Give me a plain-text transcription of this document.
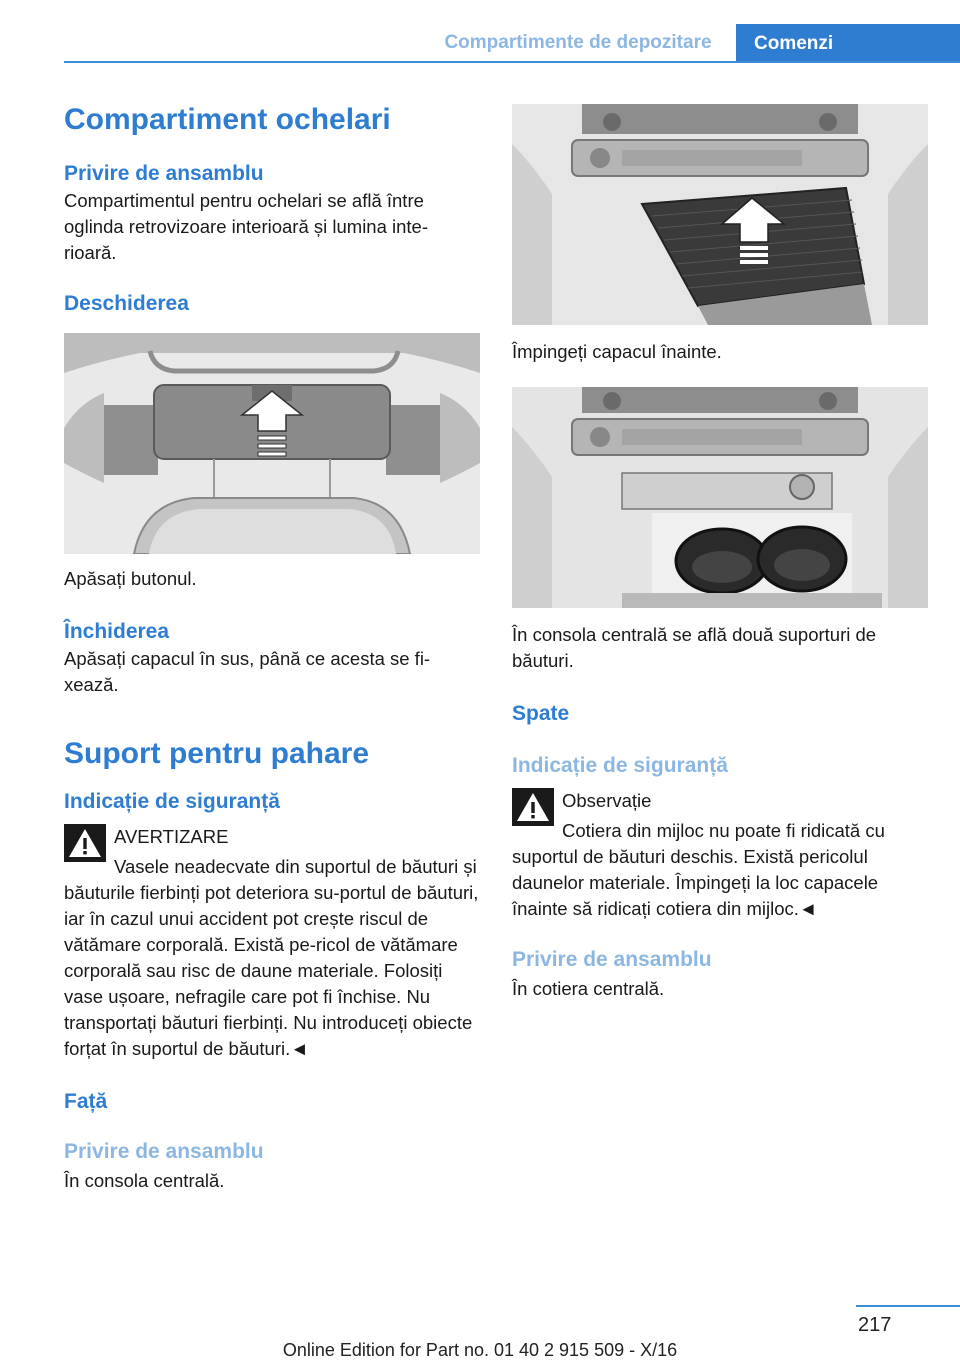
Compartimente de depozitare	Comenzi
Compartiment ochelari
Privire de ansamblu

Compartimentul pentru ochelari se află între oglinda retrovizoare interioară și lumina inte‐rioară.

Deschiderea

Apăsați butonul.

Închiderea

Apăsați capacul în sus, până ce acesta se fi‐xează.

Suport pentru pahare
Indicație de siguranță
AVERTIZARE
Vasele neadecvate din suportul de băuturi și băuturile fierbinți pot deteriora su‐portul de băuturi, iar în cazul unui accident pot crește riscul de vătămare corporală. Există pe‐ricol de vătămare corporală sau risc de daune materiale. Folosiți vase ușoare, nefragile care pot fi închise. Nu transportați băuturi fierbinți. Nu introduceți obiecte forțat în suportul de băuturi.◄
Față
Privire de ansamblu

În consola centrală.

Împingeți capacul înainte.

În consola centrală se află două suporturi de băuturi.

Spate
Indicație de siguranță
Observație
Cotiera din mijloc nu poate fi ridicată cu suportul de băuturi deschis. Există pericolul daunelor materiale. Împingeți la loc capacele înainte să ridicați cotiera din mijloc.◄
Privire de ansamblu

În cotiera centrală.

217
Online Edition for Part no. 01 40 2 915 509 - X/16
